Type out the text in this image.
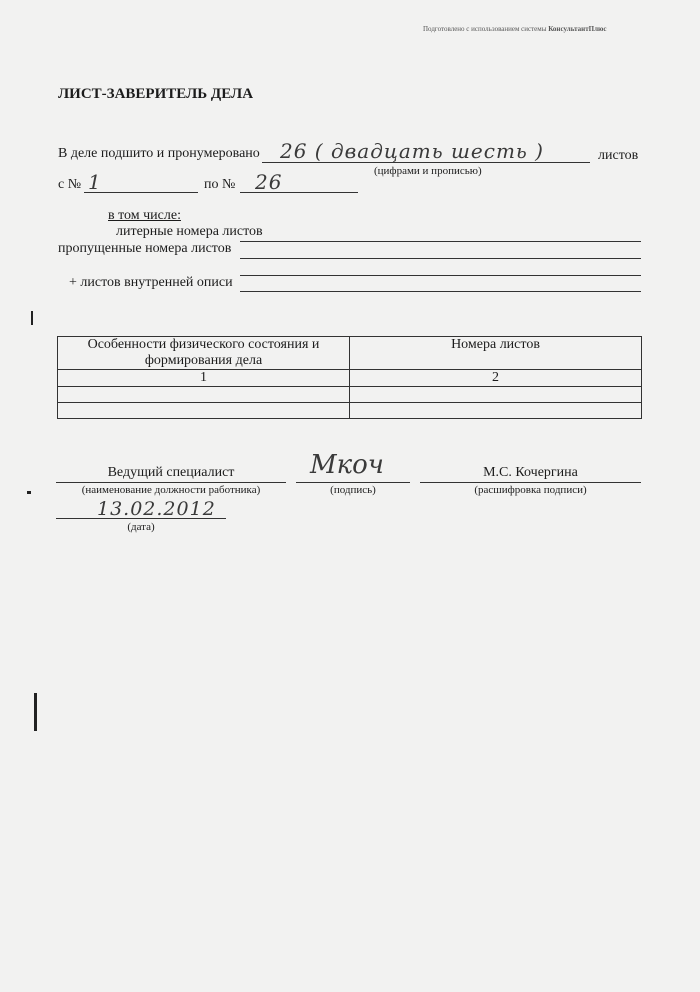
Подготовлено с использованием системы КонсультантПлюс
ЛИСТ-ЗАВЕРИТЕЛЬ ДЕЛА
В деле подшито и пронумеровано 26 ( двадцать шесть )	листов
(цифрами и прописью)
с № 1	по № 26
в том числе:
литерные номера листов
пропущенные номера листов
+ листов внутренней описи
Особенности физического состояния и формирования дела	Номера листов
1	2

Ведущий специалист
(наименование должности работника)
Мкоч
(подпись)
М.С. Кочергина
(расшифровка подписи)
13.02.2012
(дата)
